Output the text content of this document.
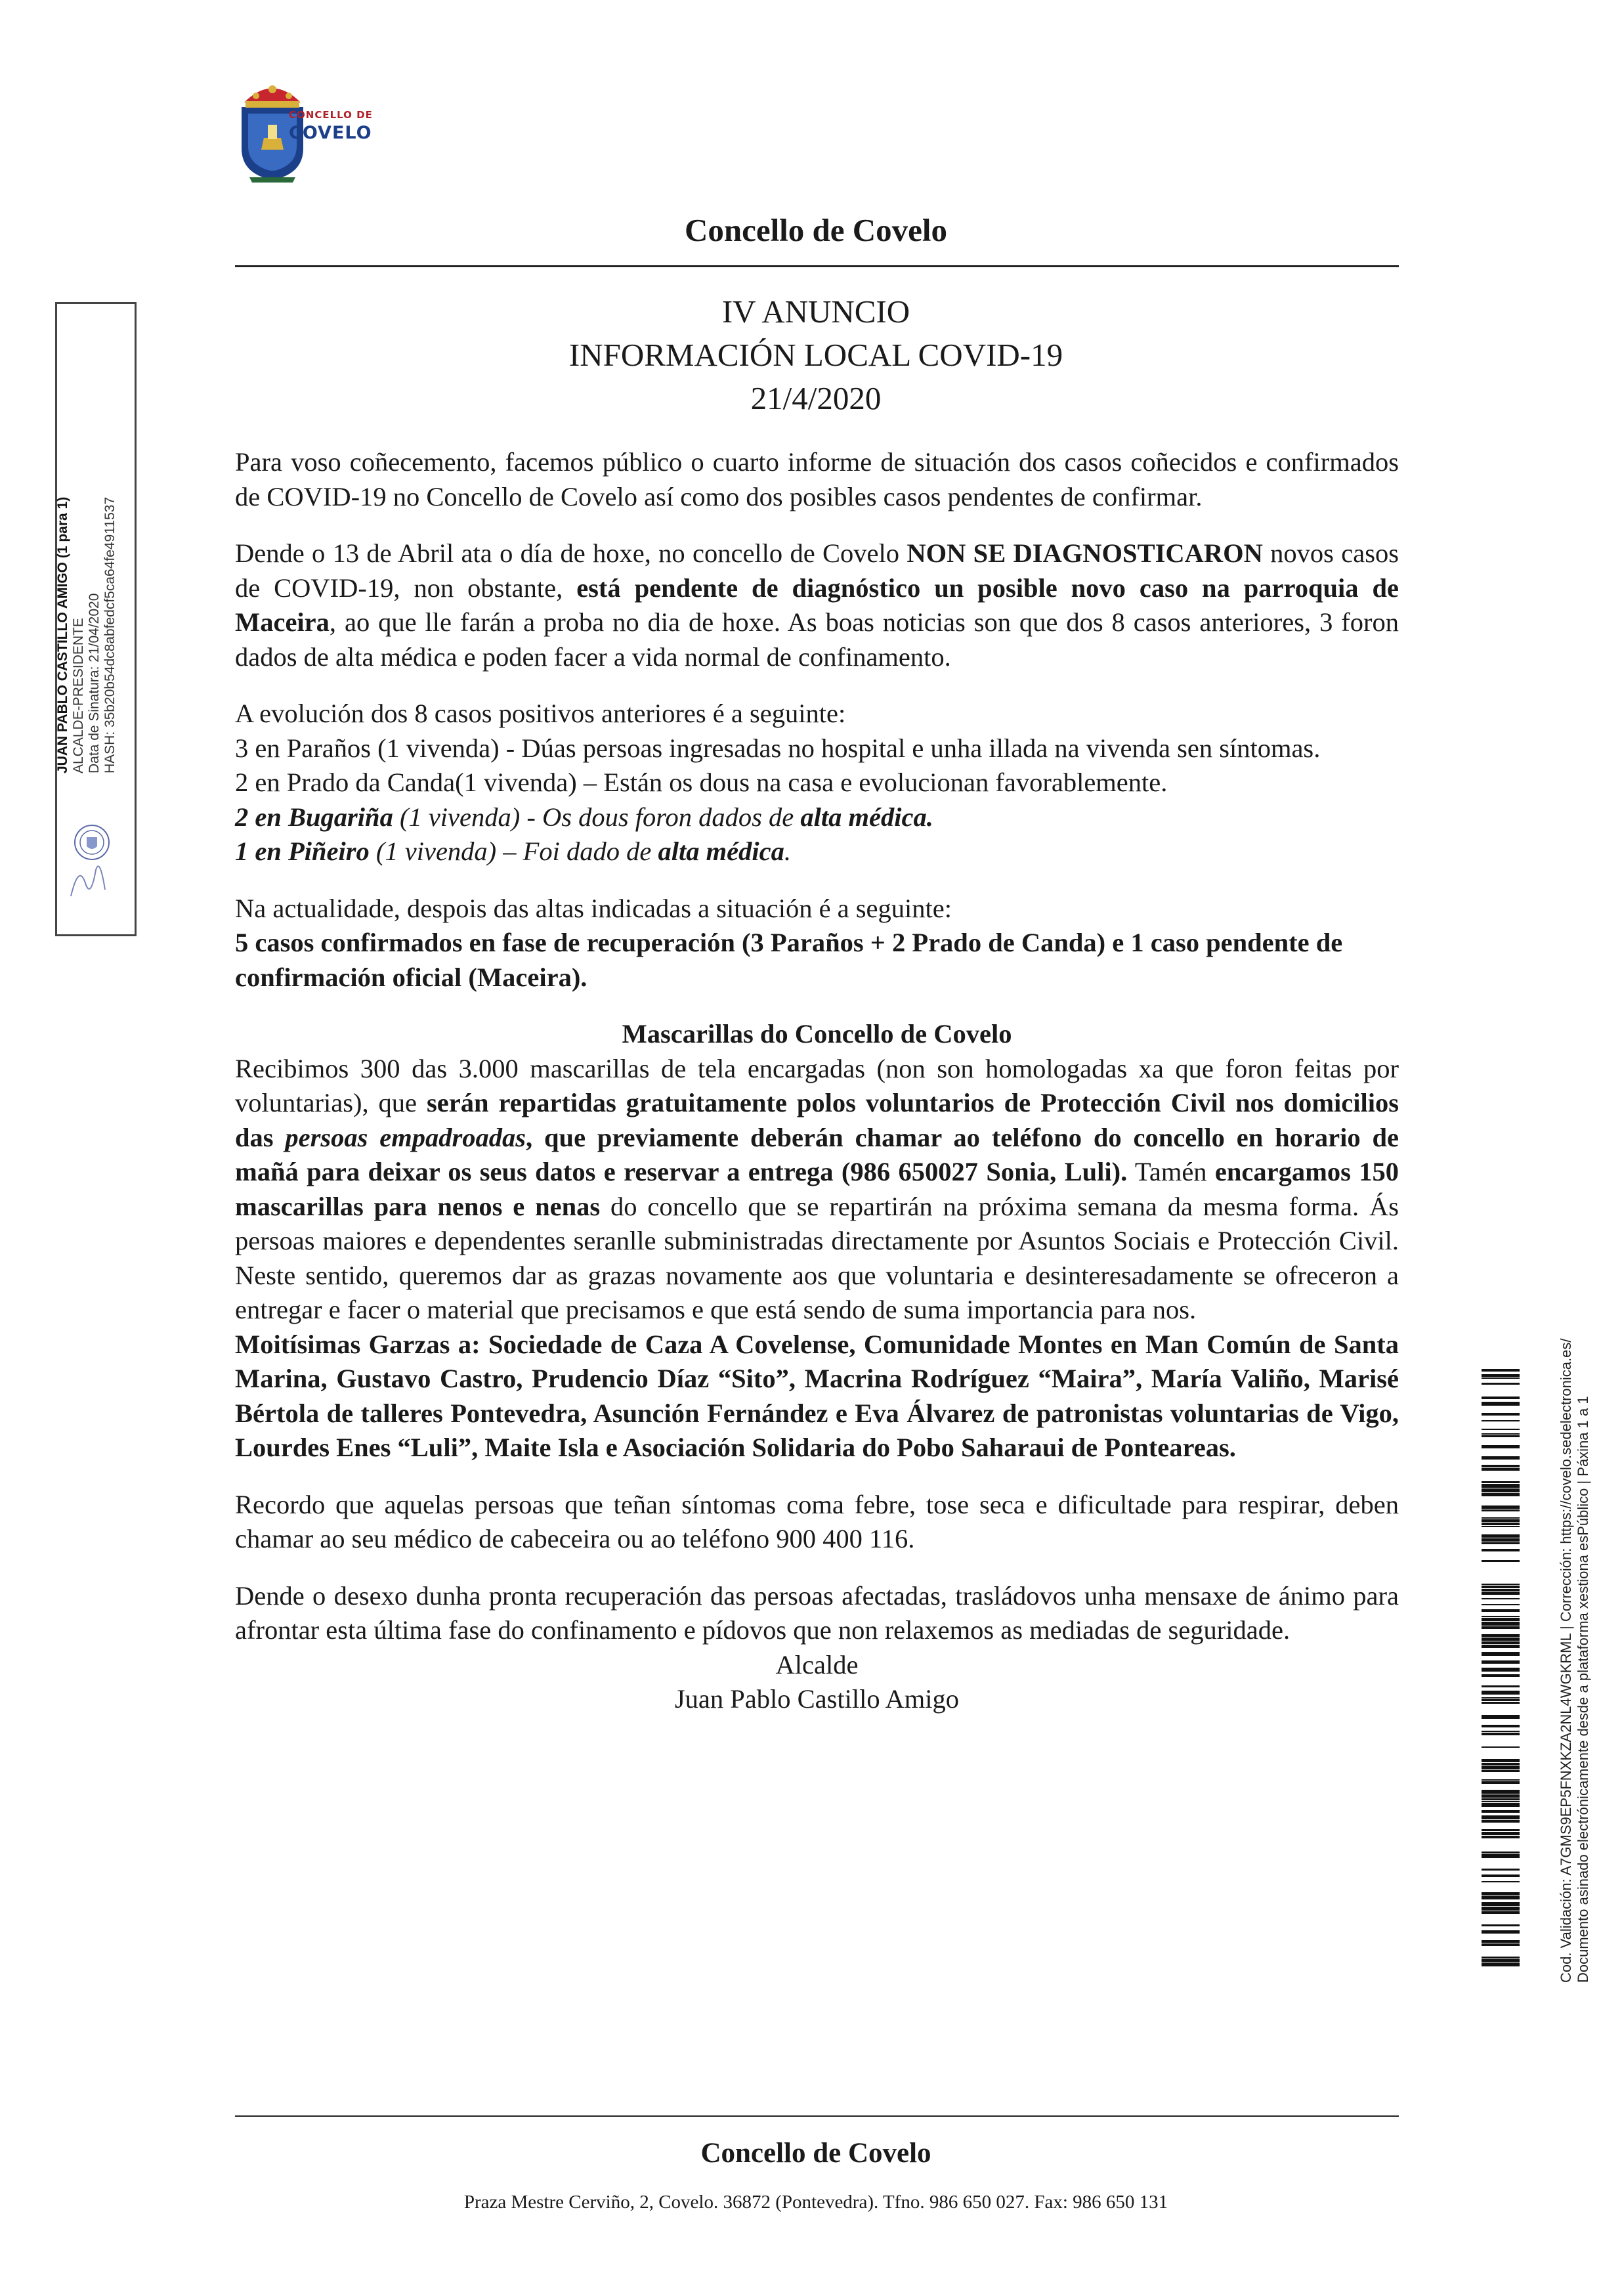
CONCELLO DE
COVELO
Concello de Covelo
IV ANUNCIO
INFORMACIÓN LOCAL COVID-19
21/4/2020
JUAN PABLO CASTILLO AMIGO (1 para 1) ALCALDE-PRESIDENTE Data de Sinatura: 21/04/2020 HASH: 35b20b54dc8abfedcf5ca64fe4911537

Para voso coñecemento, facemos público o cuarto informe de situación dos casos coñecidos e confirmados de COVID-19 no Concello de Covelo así como dos posibles casos pendentes de confirmar.

Dende o 13 de Abril ata o día de hoxe, no concello de Covelo NON SE DIAGNOSTICARON novos casos de COVID-19, non obstante, está pendente de diagnóstico un posible novo caso na parroquia de Maceira, ao que lle farán a proba no dia de hoxe. As boas noticias son que dos 8 casos anteriores, 3 foron dados de alta médica e poden facer a vida normal de confinamento.

A evolución dos 8 casos positivos anteriores é a seguinte:
3 en Paraños (1 vivenda) - Dúas persoas ingresadas no hospital e unha illada na vivenda sen síntomas.
2 en Prado da Canda(1 vivenda) – Están os dous na casa e evolucionan favorablemente.
2 en Bugariña (1 vivenda) - Os dous foron dados de alta médica.
1 en Piñeiro (1 vivenda) – Foi dado de alta médica.
Na actualidade, despois das altas indicadas a situación é a seguinte:
5 casos confirmados en fase de recuperación (3 Paraños + 2 Prado de Canda) e 1 caso pendente de confirmación oficial (Maceira).

Mascarillas do Concello de Covelo

Recibimos 300 das 3.000 mascarillas de tela encargadas (non son homologadas xa que foron feitas por voluntarias), que serán repartidas gratuitamente polos voluntarios de Protección Civil nos domicilios das persoas empadroadas, que previamente deberán chamar ao teléfono do concello en horario de mañá para deixar os seus datos e reservar a entrega (986 650027 Sonia, Luli). Tamén encargamos 150 mascarillas para nenos e nenas do concello que se repartirán na próxima semana da mesma forma. Ás persoas maiores e dependentes seranlle subministradas directamente por Asuntos Sociais e Protección Civil. Neste sentido, queremos dar as grazas novamente aos que voluntaria e desinteresadamente se ofreceron a entregar e facer o material que precisamos e que está sendo de suma importancia para nos.

Moitísimas Garzas a: Sociedade de Caza A Covelense, Comunidade Montes en Man Común de Santa Marina, Gustavo Castro, Prudencio Díaz “Sito”, Macrina Rodríguez “Maira”, María Valiño, Marisé Bértola de talleres Pontevedra, Asunción Fernández e Eva Álvarez de patronistas voluntarias de Vigo, Lourdes Enes “Luli”, Maite Isla e Asociación Solidaria do Pobo Saharaui de Ponteareas.

Recordo que aquelas persoas que teñan síntomas coma febre, tose seca e dificultade para respirar, deben chamar ao seu médico de cabeceira ou ao teléfono 900 400 116.

Dende o desexo dunha pronta recuperación das persoas afectadas, trasládovos unha mensaxe de ánimo para afrontar esta última fase do confinamento e pídovos que non relaxemos as mediadas de seguridade.

Alcalde
Juan Pablo Castillo Amigo
Concello de Covelo
Praza Mestre Cerviño, 2, Covelo. 36872 (Pontevedra). Tfno. 986 650 027. Fax: 986 650 131
Cod. Validación: A7GMS9EP5FNXKZA2NL4WGKRML | Corrección: https://covelo.sedelectronica.es/ Documento asinado electrónicamente desde a plataforma xestiona esPúblico | Páxina 1 a 1
